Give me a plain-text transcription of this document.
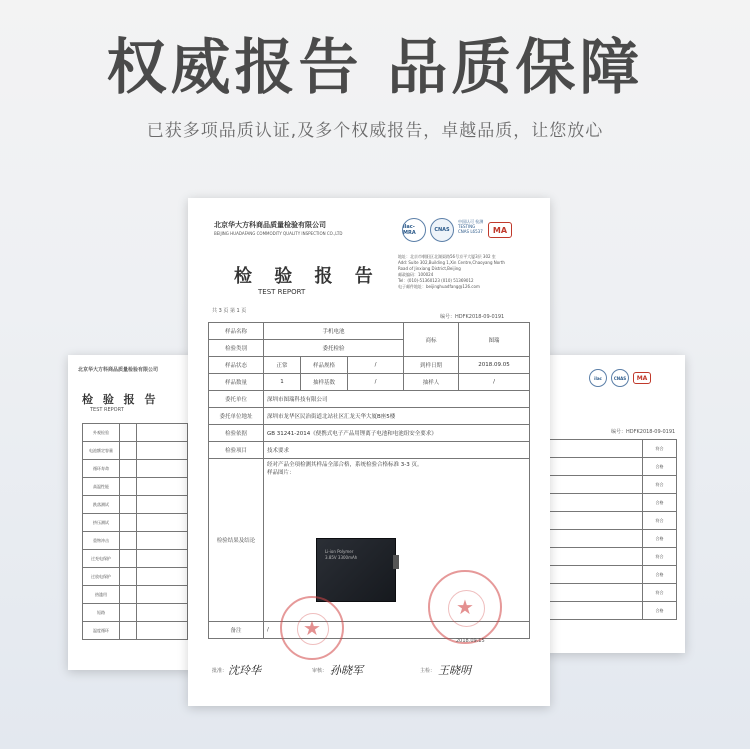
权威报告 品质保障
已获多项品质认证,及多个权威报告，卓越品质，让您放心
北京华大方科商品质量检验有限公司
检 验 报 告
TEST REPORT
外观检验		
电池额定容量		
循环寿命		
高温性能		
跌落测试		
挤压测试		
重物冲击		
过充电保护		
过放电保护		
热滥用		
短路		
温度循环		
ilac	CNAS	MA
编号：HDFK2018-09-0191
	符合
	合格
	符合
	合格
	符合
	合格
	符合
	合格
	符合
	合格
北京华大方科商品质量检验有限公司
BEIJING HUADAFANG COMMODITY QUALITY INSPECTION CO.,LTD
ilac-MRA	CNAS
中国认可 检测 TESTING CNAS L6537	MA
检 验 报 告
TEST REPORT
地址：北京市朝阳区北湖渠路56号京平大厦3层 302 室
Add: Suite 302,Building 1,Xin Centre,Chaoyang North
Road of Jinxiang District,Beijing
邮政编码：100024
Tel：(010)-51360123 (010) 51369012
电子邮件地址：beijinghuadfang@126.com
共 3 页 第 1 页
编号：HDFK2018-09-0191
样品名称	手机电池			商标	图瑞
检验类别	委托检验				
样品状态	正常	样品规格	/	到样日期	2018.09.05
样品数量	1	抽样基数	/	抽样人	/
委托单位	深圳市图瑞科技有限公司				
委托单位地址	深圳市龙华区民治街道北站社区汇龙天华大厦B座5楼				
检验依据	GB 31241-2014《便携式电子产品用锂离子电池和电池组安全要求》				
检验项目	技术要求				
检验结果及结论	经对产品全项检测其样品全部合格，系统检验合格标准 3-3 页。
样品图片：				

备注	/				
Li-ion Polymer
3.85V 3300mAh
★
★
2018.09.15
批准： 沈玲华	审核： 孙晓军	主检： 王晓明
